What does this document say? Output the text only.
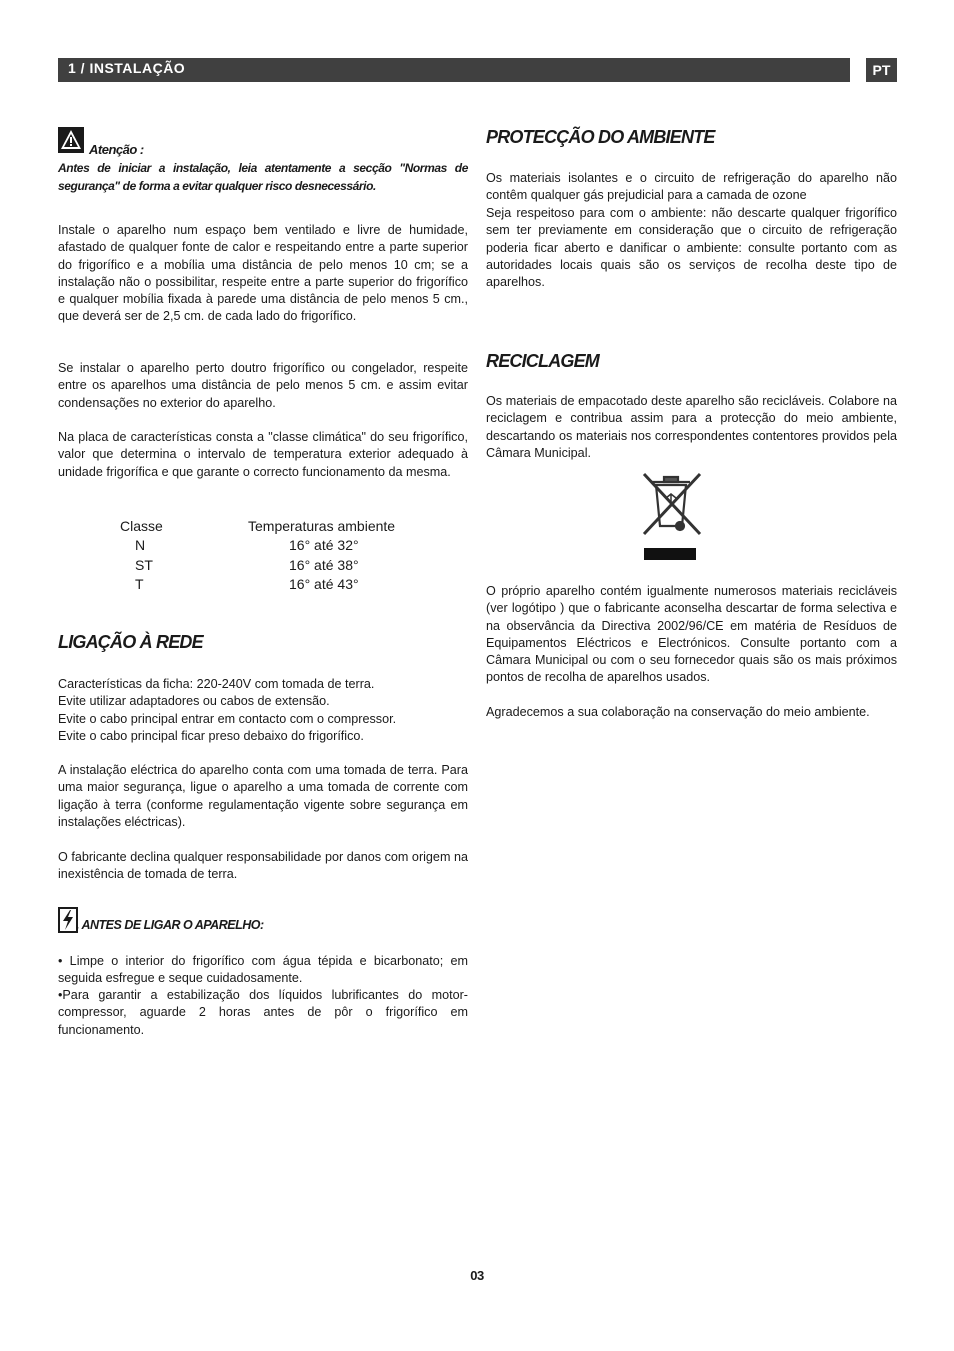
1 / INSTALAÇÃO	PT
Atenção :
Antes de iniciar a instalação, leia atentamente a secção "Normas de segurança" de forma a evitar qualquer risco desnecessário.

Instale o aparelho num espaço bem ventilado e livre de humidade, afastado de qualquer fonte de calor e respeitando entre a parte superior do frigorífico e a mobília uma distância de pelo menos 10 cm; se a instalação não o possibilitar, respeite entre a parte superior do frigorífico e qualquer mobília fixada à parede uma distância de pelo menos 5 cm., que deverá ser de 2,5 cm. de cada lado do frigorífico.

Se instalar o aparelho perto doutro frigorífico ou congelador, respeite entre os aparelhos uma distância de pelo menos 5 cm. e assim evitar condensações no exterior do aparelho.

Na placa de características consta a "classe climática" do seu frigorífico, valor que determina o intervalo de temperatura exterior adequado à unidade frigorífica e que garante o correcto funcionamento da mesma.

Classe	Temperaturas ambiente
N	16° até 32°
ST	16° até 38°
T	16° até 43°
LIGAÇÃO À REDE
Características da ficha: 220-240V com tomada de terra.
Evite utilizar adaptadores ou cabos de extensão.
Evite o cabo principal entrar em contacto com o compressor.
Evite o cabo principal ficar preso debaixo do frigorífico.

A instalação eléctrica do aparelho conta com uma tomada de terra. Para uma maior segurança, ligue o aparelho a uma tomada de corrente com ligação à terra (conforme regulamentação vigente sobre segurança em instalações eléctricas).

O fabricante declina qualquer responsabilidade por danos com origem na inexistência de tomada de terra.

. ANTES DE LIGAR O APARELHO:

• Limpe o interior do frigorífico com água tépida e bicarbonato; em seguida esfregue e seque cuidadosamente.

•Para garantir a estabilização dos líquidos lubrificantes do motor-compressor, aguarde 2 horas antes de pôr o frigorífico em funcionamento.

PROTECÇÃO DO AMBIENTE

Os materiais isolantes e o circuito de refrigeração do aparelho não contêm qualquer gás prejudicial para a camada de ozone

Seja respeitoso para com o ambiente: não descarte qualquer frigorífico sem ter previamente em consideração que o circuito de refrigeração poderia ficar aberto e danificar o ambiente: consulte portanto com as autoridades locais quais são os serviços de recolha deste tipo de aparelhos.

RECICLAGEM

Os materiais de empacotado deste aparelho são recicláveis. Colabore na reciclagem e contribua assim para a protecção do meio ambiente, descartando os materiais nos correspondentes contentores providos pela Câmara Municipal.

O próprio aparelho contém igualmente numerosos materiais recicláveis (ver logótipo ) que o fabricante aconselha descartar de forma selectiva e na observância da Directiva 2002/96/CE em matéria de Resíduos de Equipamentos Eléctricos e Electrónicos. Consulte portanto com a Câmara Municipal ou com o seu fornecedor quais são os mais próximos pontos de recolha de aparelhos usados.

Agradecemos a sua colaboração na conservação do meio ambiente.

03
